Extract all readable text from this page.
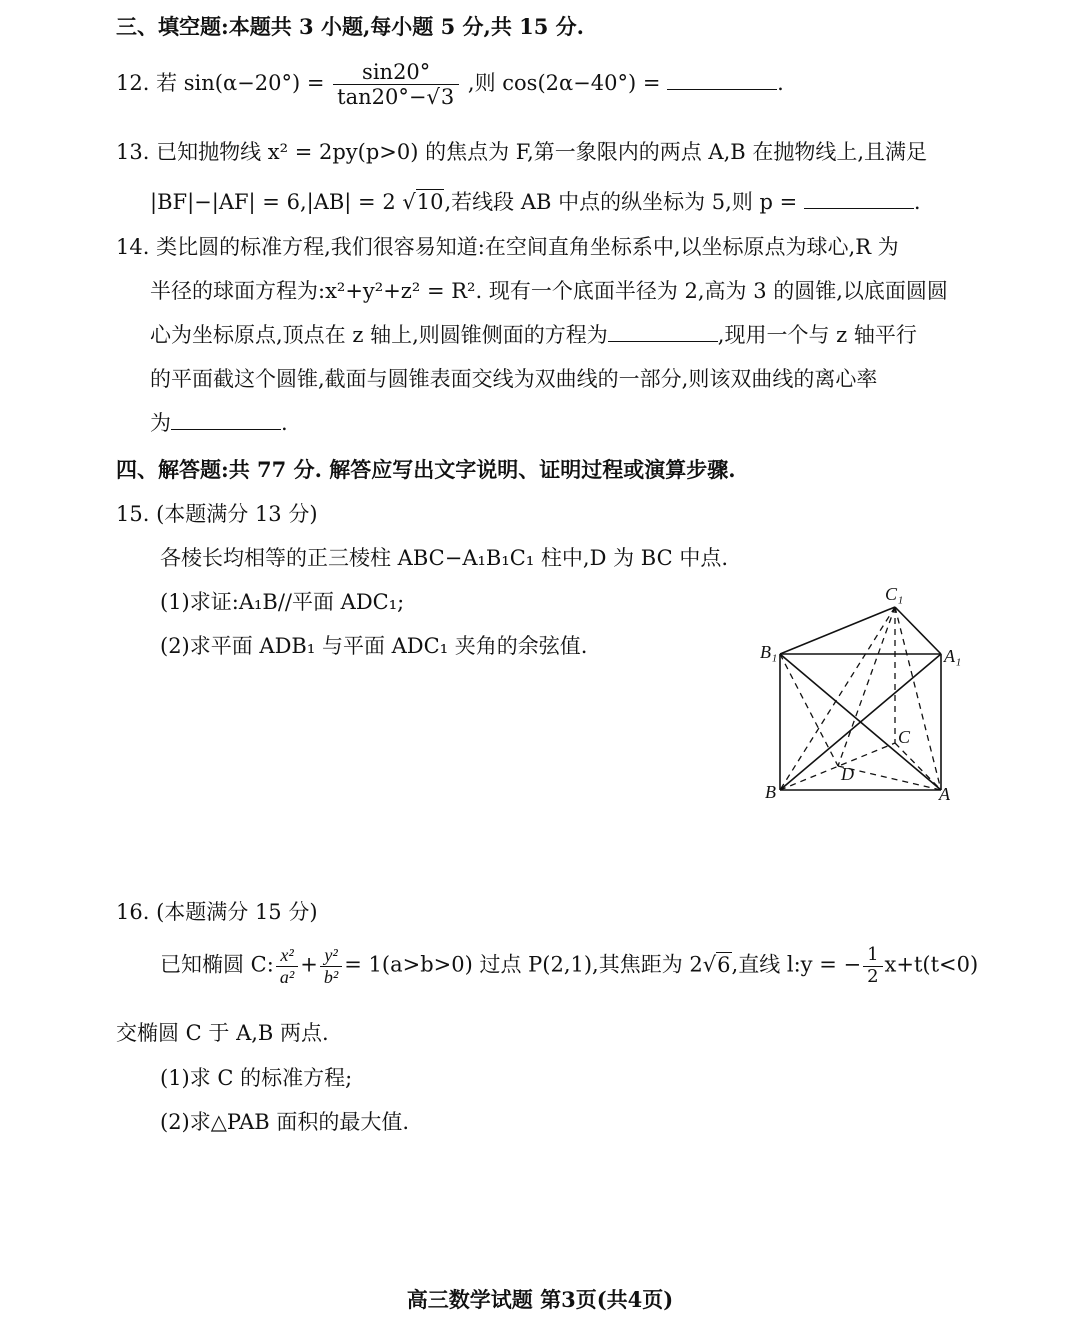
三、填空题:本题共 3 小题,每小题 5 分,共 15 分.
12. 若 $\sin(\alpha-20^\circ) = \frac{\sin 20^\circ}{\tan 20^\circ-√3}$ ,则 cos(2α−40°) =	.
13. 已知抛物线 x² = 2py(p>0) 的焦点为 F,第一象限内的两点 A,B 在抛物线上,且满足
|BF|−|AF| = 6,|AB| = 2 √10,若线段 AB 中点的纵坐标为 5,则 p =	.
14. 类比圆的标准方程,我们很容易知道:在空间直角坐标系中,以坐标原点为球心,R 为
半径的球面方程为:x²+y²+z² = R². 现有一个底面半径为 2,高为 3 的圆锥,以底面圆圆
心为坐标原点,顶点在 z 轴上,则圆锥侧面的方程为	,现用一个与 z 轴平行
的平面截这个圆锥,截面与圆锥表面交线为双曲线的一部分,则该双曲线的离心率
为	.
四、解答题:共 77 分. 解答应写出文字说明、证明过程或演算步骤.
15. (本题满分 13 分)
各棱长均相等的正三棱柱 ABC−A₁B₁C₁ 柱中,D 为 BC 中点.
(1)求证:A₁B//平面 ADC₁;
(2)求平面 ADB₁ 与平面 ADC₁ 夹角的余弦值.
C₁
B₁	A₁
C
D
B	A
16. (本题满分 15 分)
已知椭圆 C: $\frac{\text{x²}}{\text{a²}} + \frac{\text{y²}}{\text{b²}} = 1(a>b>0)$ 过点 P(2,1),其焦距为 2√6,直线 l:y = − $\frac{1}{2} x+t(t<0)$
交椭圆 C 于 A,B 两点.
(1)求 C 的标准方程;
(2)求△PAB 面积的最大值.
高三数学试题 第3页(共4页)
